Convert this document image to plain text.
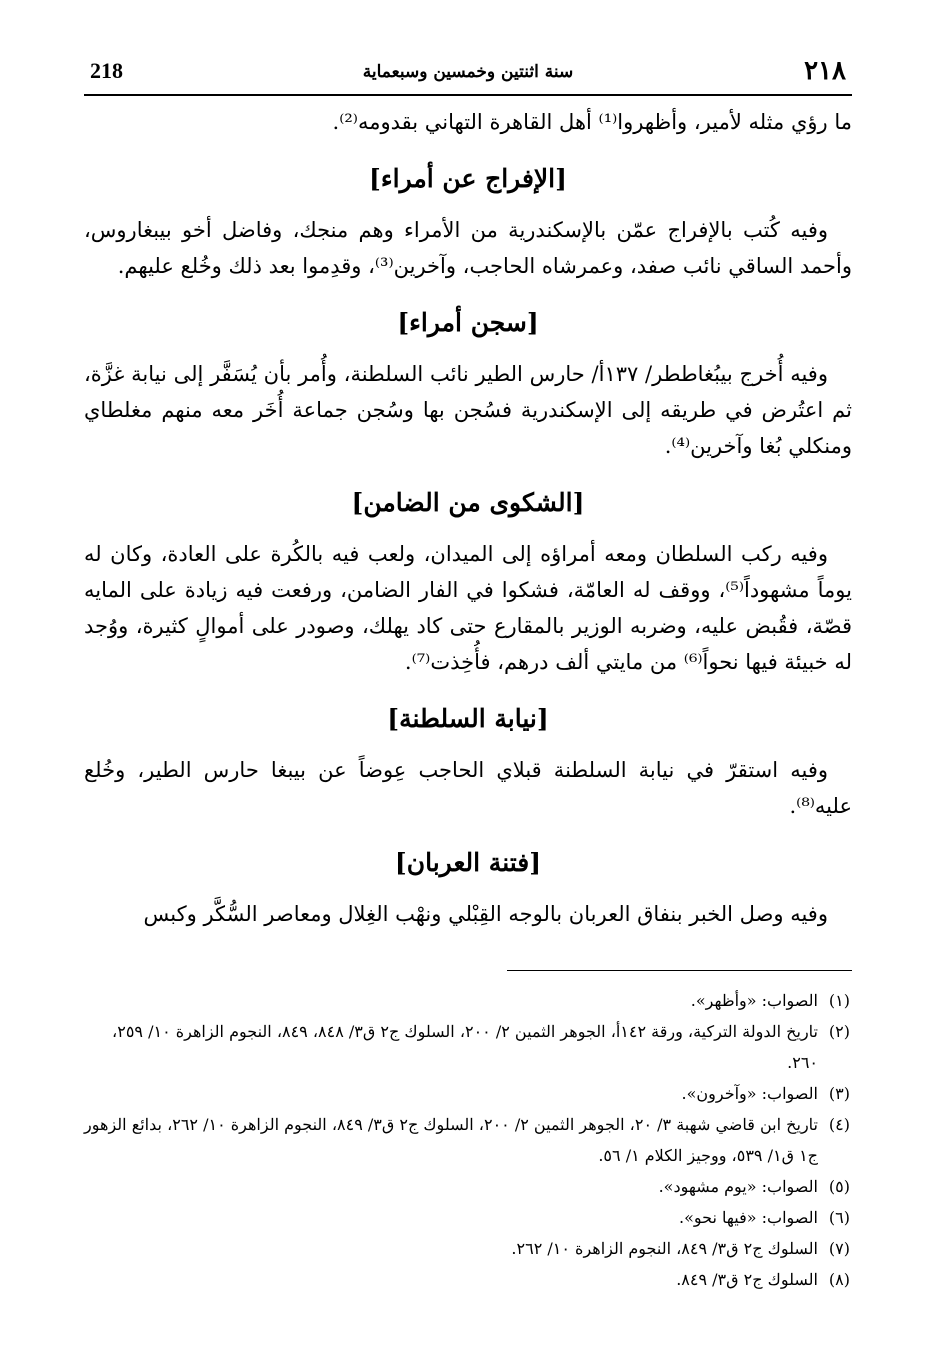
٢١٨
سنة اثنتين وخمسين وسبعماية
218

ما رؤي مثله لأمير، وأظهروا⁽¹⁾ أهل القاهرة التهاني بقدومه⁽²⁾.

[الإفراج عن أمراء]

وفيه كُتب بالإفراج عمّن بالإسكندرية من الأمراء وهم منجك، وفاضل أخو بيبغاروس، وأحمد الساقي نائب صفد، وعمرشاه الحاجب، وآخرين⁽³⁾، وقدِموا بعد ذلك وخُلع عليهم.

[سجن أمراء]

وفيه أُخرج بيبُغاططر/ ١٣٧أ/ حارس الطير نائب السلطنة، وأُمر بأن يُسَفَّر إلى نيابة غزَّة، ثم اعتُرض في طريقه إلى الإسكندرية فسُجن بها وسُجن جماعة أُخَر معه منهم مغلطاي ومنكلي بُغا وآخرين⁽⁴⁾.

[الشكوى من الضامن]

وفيه ركب السلطان ومعه أمراؤه إلى الميدان، ولعب فيه بالكُرة على العادة، وكان له يوماً مشهوداً⁽⁵⁾، ووقف له العامّة، فشكوا في الفار الضامن، ورفعت فيه زيادة على المايه قصّة، فقُبض عليه، وضربه الوزير بالمقارع حتى كاد يهلك، وصودر على أموالٍ كثيرة، ووُجد له خبيئة فيها نحواً⁽⁶⁾ من مايتي ألف درهم، فأُخِذت⁽⁷⁾.

[نيابة السلطنة]

وفيه استقرّ في نيابة السلطنة قبلاي الحاجب عِوضاً عن بيبغا حارس الطير، وخُلع عليه⁽⁸⁾.

[فتنة العربان]

وفيه وصل الخبر بنفاق العربان بالوجه القِبْلي ونهْب الغِلال ومعاصر السُّكَّر وكبس

(١)
الصواب: «وأظهر».
(٢)
تاريخ الدولة التركية، ورقة ١٤٢أ، الجوهر الثمين ٢/ ٢٠٠، السلوك ج٢ ق٣/ ٨٤٨، ٨٤٩، النجوم الزاهرة ١٠/ ٢٥٩، ٢٦٠.
(٣)
الصواب: «وآخرون».
(٤)
تاريخ ابن قاضي شهبة ٣/ ٢٠، الجوهر الثمين ٢/ ٢٠٠، السلوك ج٢ ق٣/ ٨٤٩، النجوم الزاهرة ١٠/ ٢٦٢، بدائع الزهور ج١ ق١/ ٥٣٩، ووجيز الكلام ١/ ٥٦.
(٥)
الصواب: «يوم مشهود».
(٦)
الصواب: «فيها نحو».
(٧)
السلوك ج٢ ق٣/ ٨٤٩، النجوم الزاهرة ١٠/ ٢٦٢.
(٨)
السلوك ج٢ ق٣/ ٨٤٩.
